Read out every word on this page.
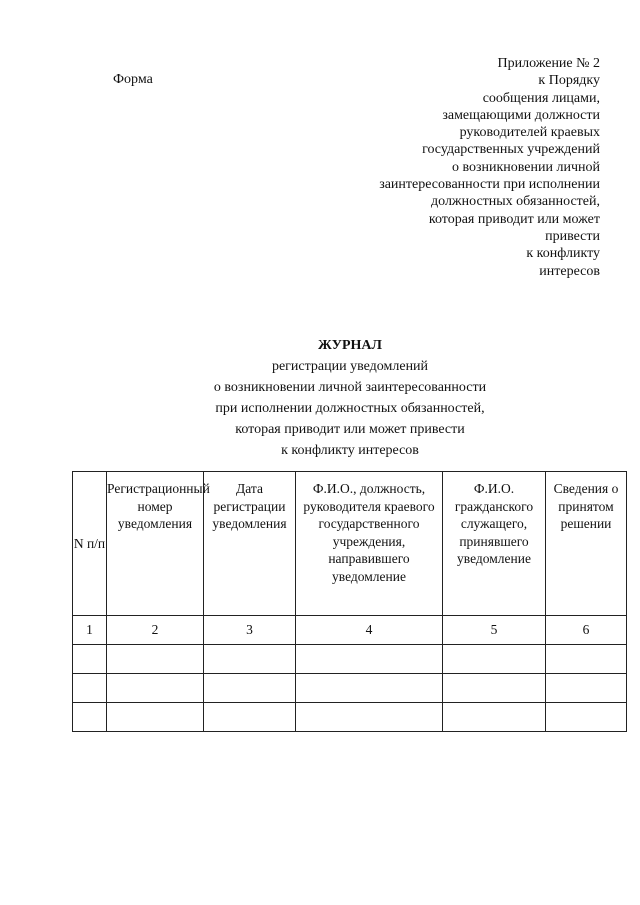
Форма
Приложение № 2
к Порядку
сообщения лицами,
замещающими должности
руководителей краевых
государственных учреждений
о возникновении личной
заинтересованности при исполнении
должностных обязанностей,
которая приводит или может
привести
к конфликту
интересов
ЖУРНАЛ
регистрации уведомлений
о возникновении личной заинтересованности
при исполнении должностных обязанностей,
которая приводит или может привести
к конфликту интересов
N п/п	Регистрационный номер уведомления	Дата регистрации уведомления	Ф.И.О., должность, руководителя краевого государственного учреждения, направившего уведомление	Ф.И.О. гражданского служащего, принявшего уведомление	Сведения о принятом решении
1	2	3	4	5	6
